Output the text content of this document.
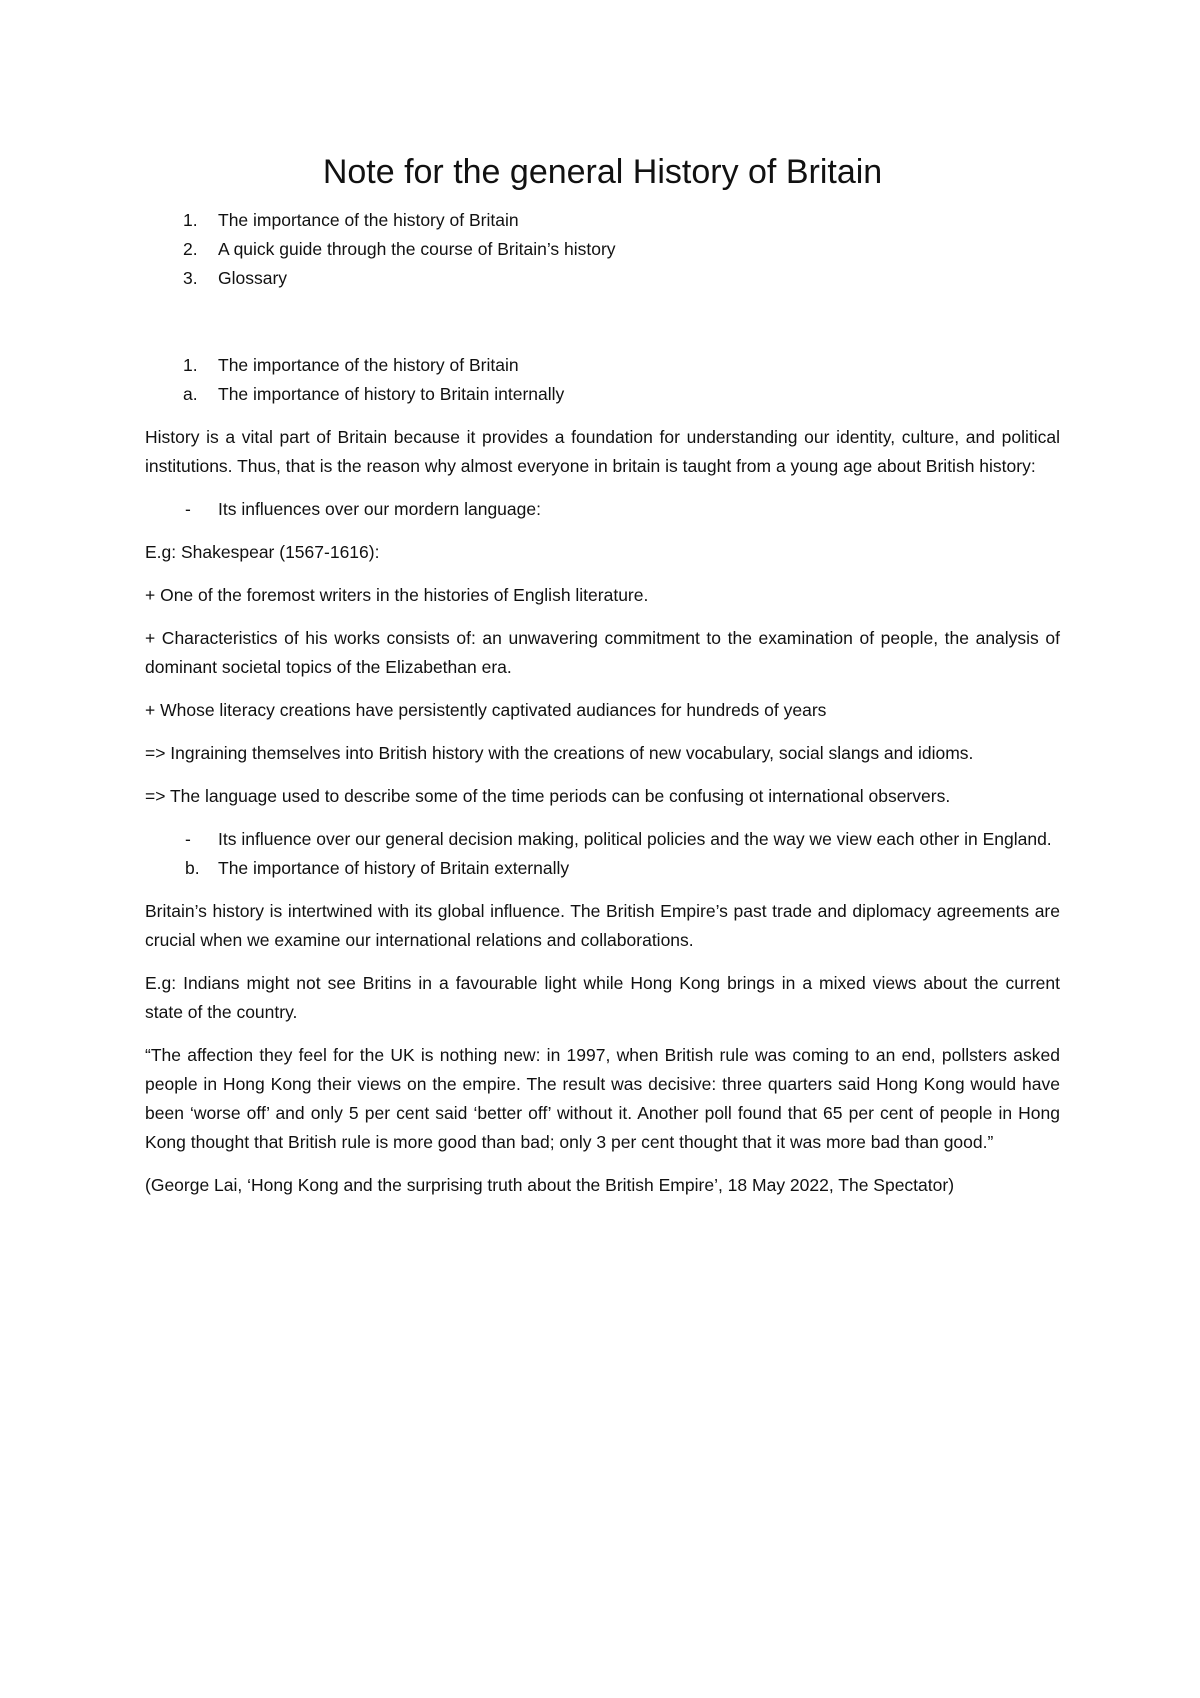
Note for the general History of Britain
1. The importance of the history of Britain
2. A quick guide through the course of Britain’s history
3. Glossary
1. The importance of the history of Britain
a. The importance of history to Britain internally

History is a vital part of Britain because it provides a foundation for understanding our identity, culture, and political institutions. Thus, that is the reason why almost everyone in britain is taught from a young age about British history:

- Its influences over our mordern language:

E.g: Shakespear (1567-1616):

+ One of the foremost writers in the histories of English literature.

+ Characteristics of his works consists of: an unwavering commitment to the examination of people, the analysis of dominant societal topics of the Elizabethan era.

+ Whose literacy creations have persistently captivated audiances for hundreds of years

=> Ingraining themselves into British history with the creations of new vocabulary, social slangs and idioms.

=> The language used to describe some of the time periods can be confusing ot international observers.

- Its influence over our general decision making, political policies and the way we view each other in England.
b. The importance of history of Britain externally

Britain’s history is intertwined with its global influence. The British Empire’s past trade and diplomacy agreements are crucial when we examine our international relations and collaborations.

E.g: Indians might not see Britins in a favourable light while Hong Kong brings in a mixed views about the current state of the country.

“The affection they feel for the UK is nothing new: in 1997, when British rule was coming to an end, pollsters asked people in Hong Kong their views on the empire. The result was decisive: three quarters said Hong Kong would have been ‘worse off’ and only 5 per cent said ‘better off’ without it. Another poll found that 65 per cent of people in Hong Kong thought that British rule is more good than bad; only 3 per cent thought that it was more bad than good.”

(George Lai, ‘Hong Kong and the surprising truth about the British Empire’, 18 May 2022, The Spectator)
